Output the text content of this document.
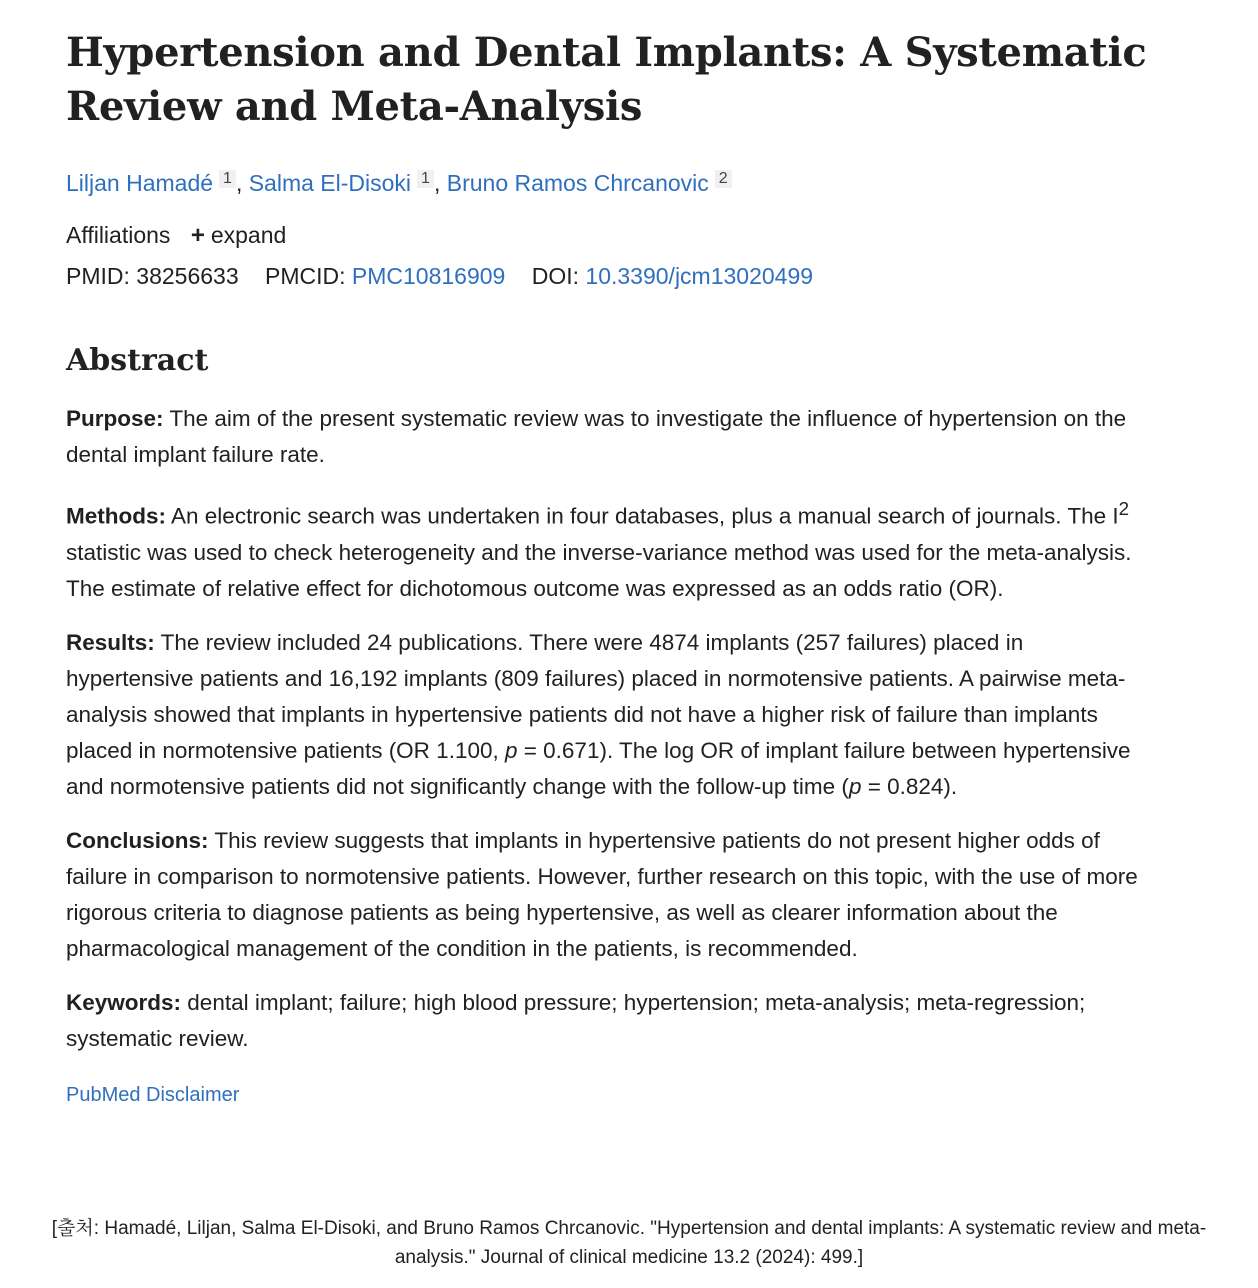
Hypertension and Dental Implants: A Systematic Review and Meta-Analysis
Liljan Hamadé 1 , Salma El-Disoki 1 , Bruno Ramos Chrcanovic 2
Affiliations + expand
PMID: 38256633 PMCID: PMC10816909 DOI: 10.3390/jcm13020499
Abstract

Purpose: The aim of the present systematic review was to investigate the influence of hypertension on the dental implant failure rate.

Methods: An electronic search was undertaken in four databases, plus a manual search of journals. The $I^2$ statistic was used to check heterogeneity and the inverse-variance method was used for the meta-analysis. The estimate of relative effect for dichotomous outcome was expressed as an odds ratio (OR).

Results: The review included 24 publications. There were 4874 implants (257 failures) placed in hypertensive patients and 16,192 implants (809 failures) placed in normotensive patients. A pairwise meta-analysis showed that implants in hypertensive patients did not have a higher risk of failure than implants placed in normotensive patients (OR 1.100, p = 0.671). The log OR of implant failure between hypertensive and normotensive patients did not significantly change with the follow-up time (p = 0.824).

Conclusions: This review suggests that implants in hypertensive patients do not present higher odds of failure in comparison to normotensive patients. However, further research on this topic, with the use of more rigorous criteria to diagnose patients as being hypertensive, as well as clearer information about the pharmacological management of the condition in the patients, is recommended.

Keywords: dental implant; failure; high blood pressure; hypertension; meta-analysis; meta-regression; systematic review.

PubMed Disclaimer
[출처: Hamadé, Liljan, Salma El-Disoki, and Bruno Ramos Chrcanovic. "Hypertension and dental implants: A systematic review and meta-analysis." Journal of clinical medicine 13.2 (2024): 499.]
